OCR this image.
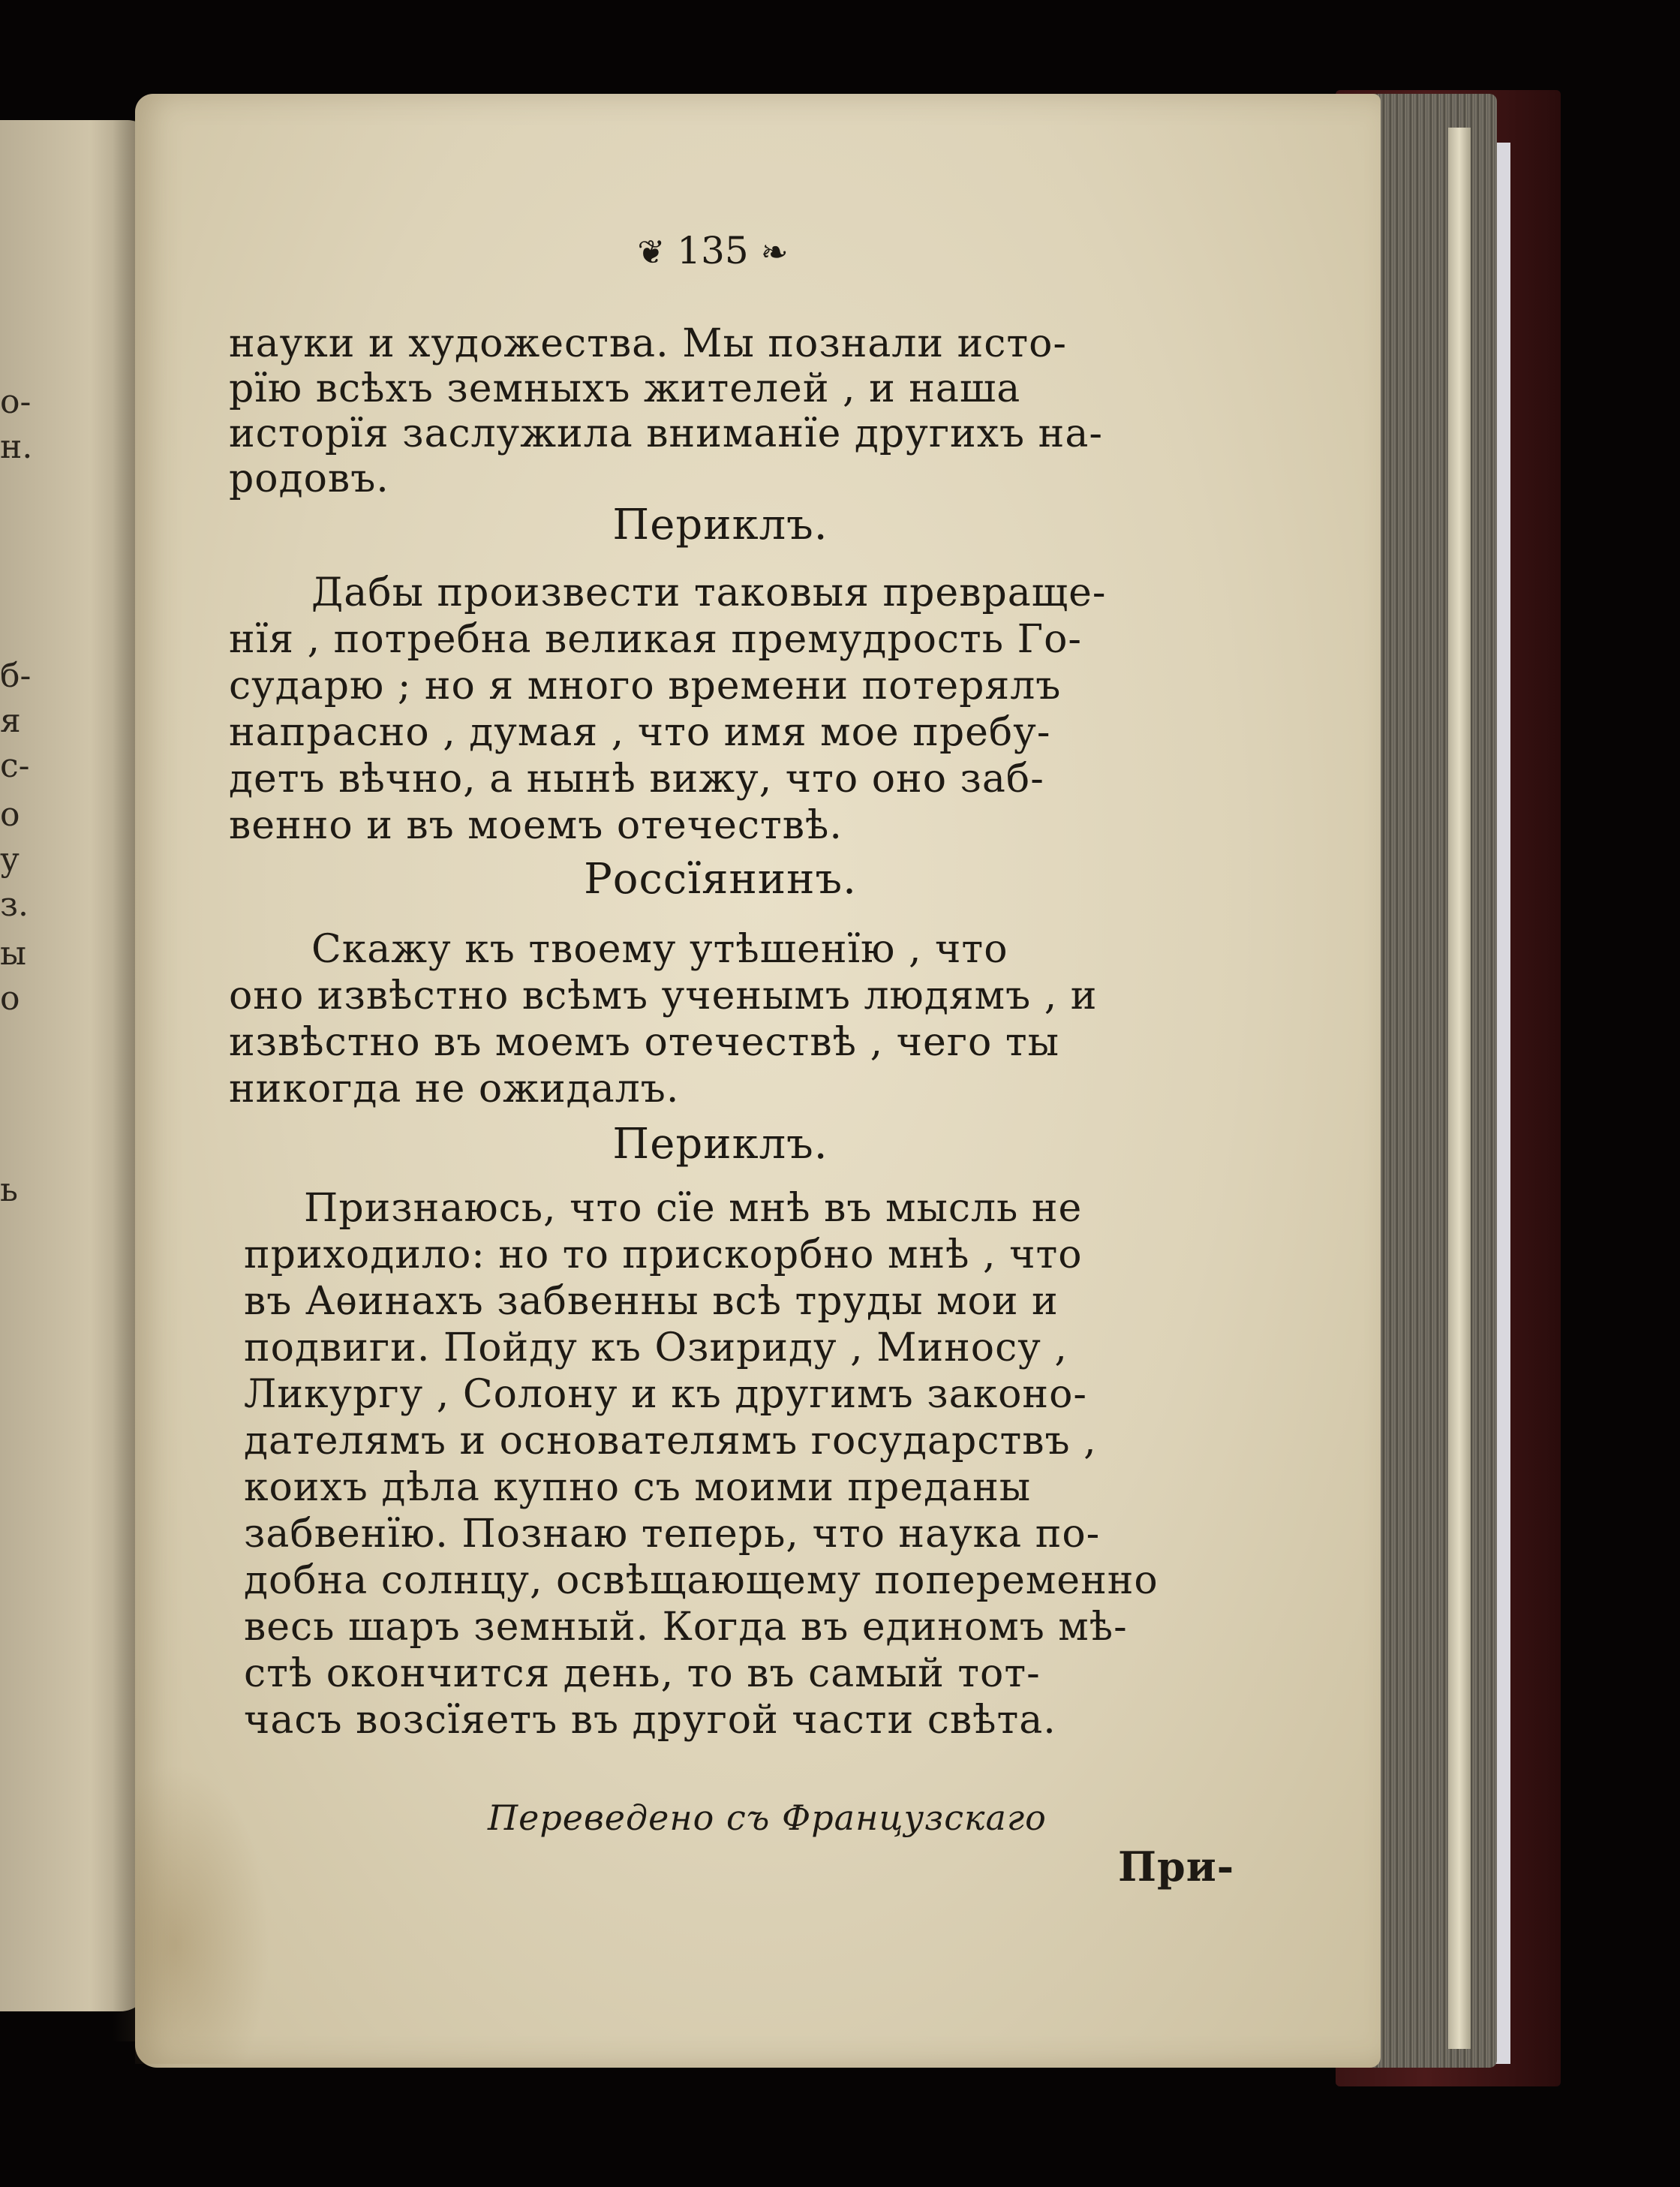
о-
н.
б-
я
с-
о
у
з.
ы
о
ь
❦ 135 ❧
науки и художества. Мы познали исто-
рїю всѣхъ земныхъ жителей , и наша
исторїя заслужила вниманїе другихъ на-
родовъ.
Периклъ.
Дабы произвести таковыя превраще-
нїя , потребна великая премудрость Го-
сударю ; но я много времени потерялъ
напрасно , думая , что имя мое пребу-
детъ вѣчно, а нынѣ вижу, что оно заб-
венно и въ моемъ отечествѣ.
Россїянинъ.
Скажу къ твоему утѣшенїю , что
оно извѣстно всѣмъ ученымъ людямъ , и
извѣстно въ моемъ отечествѣ , чего ты
никогда не ожидалъ.
Периклъ.
Признаюсь, что сїе мнѣ въ мысль не
приходило: но то прискорбно мнѣ , что
въ Аѳинахъ забвенны всѣ труды мои и
подвиги. Пойду къ Озириду , Миносу ,
Ликургу , Солону и къ другимъ законо-
дателямъ и основателямъ государствъ ,
коихъ дѣла купно съ моими преданы
забвенїю. Познаю теперь, что наука по-
добна солнцу, освѣщающему попеременно
весь шаръ земный. Когда въ единомъ мѣ-
стѣ окончится день, то въ самый тот-
часъ возсїяетъ въ другой части свѣта.
Переведено съ Французскаго
При-
